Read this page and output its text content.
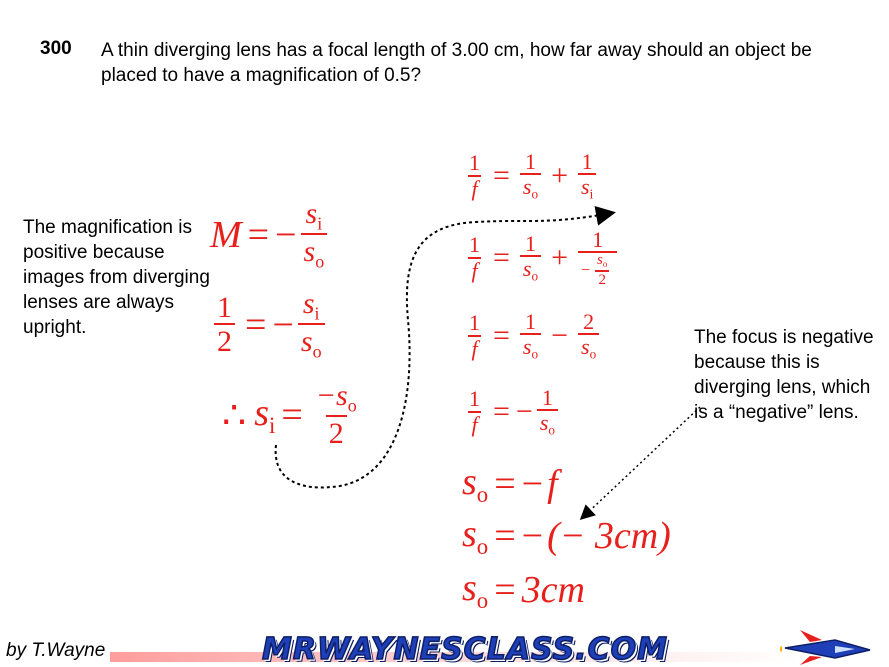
300 A thin diverging lens has a focal length of 3.00 cm, how far away should an object be placed to have a magnification of 0.5?
The magnification is positive because images from diverging lenses are always upright.	The focus is negative because this is diverging lens, which is a “negative” lens.
M = − $\frac{s_i}{s_o}$
$\frac{1}{2}$ = − $\frac{s_i}{s_o}$
∴ $s_i = \frac{-s_o}{2}$
$\frac{1}{f} = \frac{1}{s_o} + \frac{1}{s_i}$
$\frac{1}{f} = \frac{1}{s_o} + \frac{1}{- \frac{s_o}{2}}$
$\frac{1}{f} = \frac{1}{s_o} - \frac{2}{s_o}$
$\frac{1}{f}$ = − $\frac{1}{s_o}$
$s_o$ = − f
$s_o$ = − (− 3cm)
$s_o = 3cm$
by T.Wayne	MRWAYNESCLASS.COM
